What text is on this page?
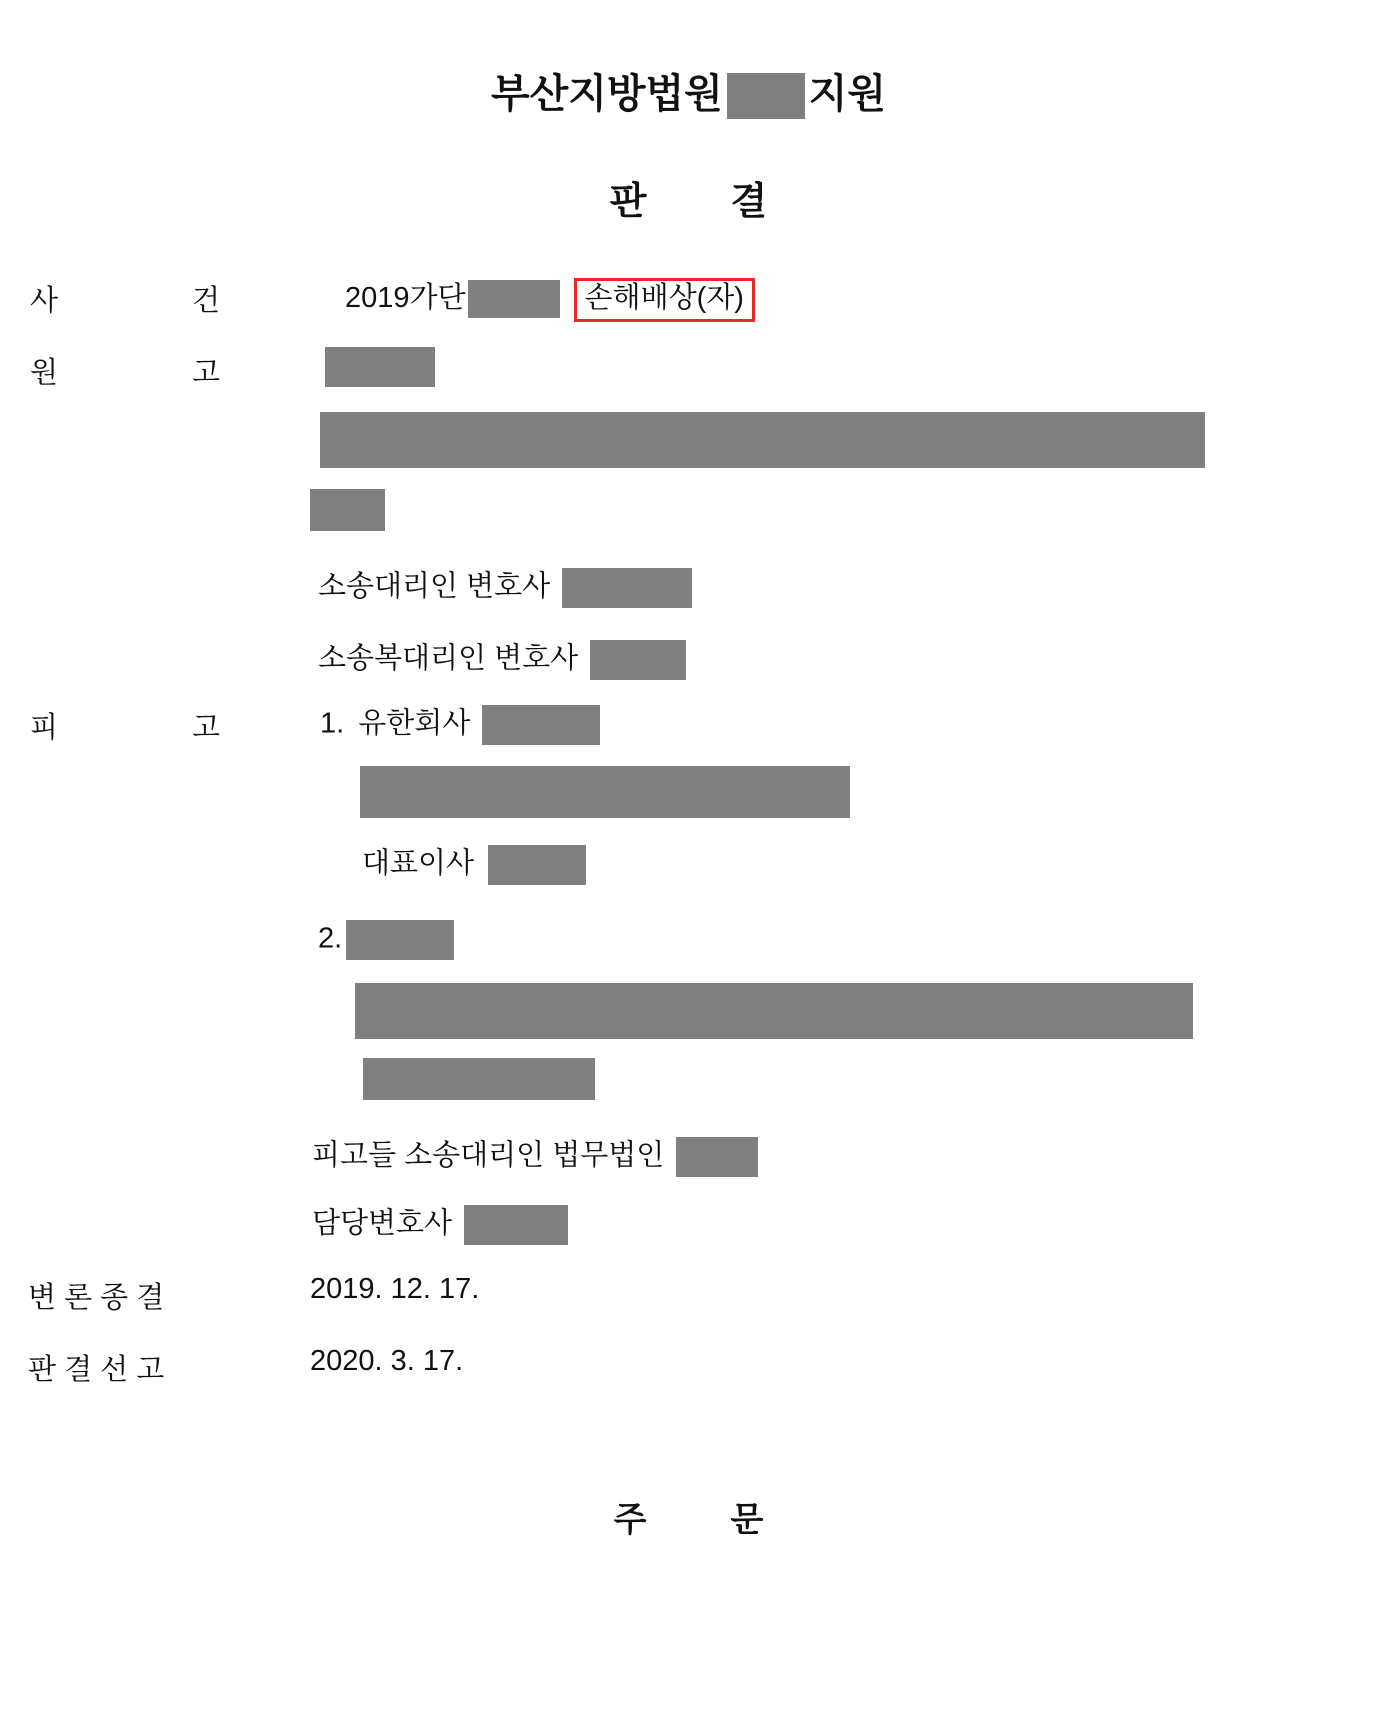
부산지방법원 지원
판 결
사	건	2019가단	손해배상(자)
원	고
소송대리인 변호사
소송복대리인 변호사
피	고	1. 유한회사
대표이사
2.
피고들 소송대리인 법무법인
담당변호사
변 론 종 결	2019. 12. 17.
판 결 선 고	2020. 3. 17.
주 문
